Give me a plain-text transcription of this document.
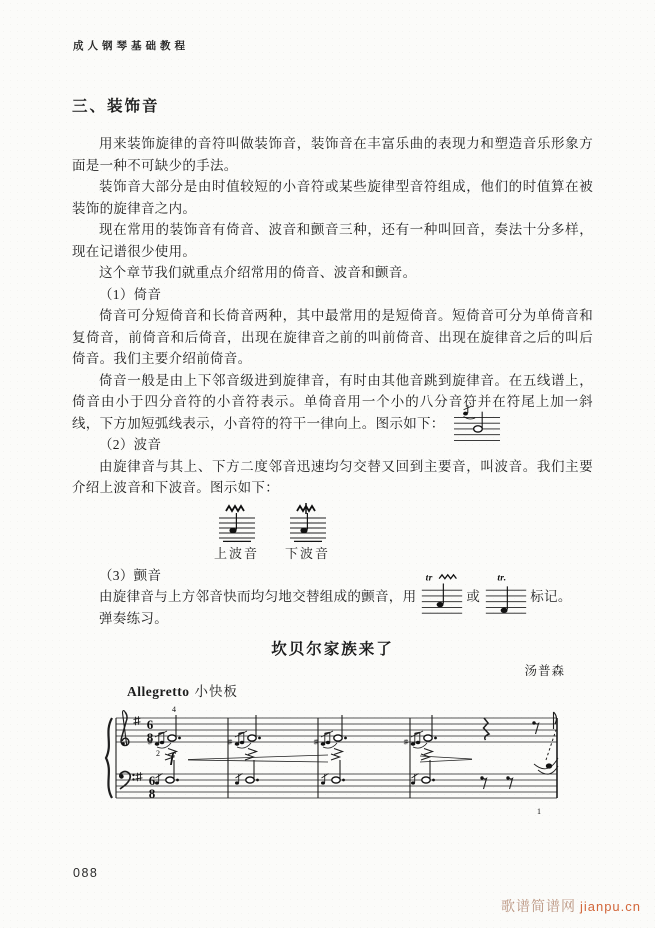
成人钢琴基础教程
三、装饰音

用来装饰旋律的音符叫做装饰音，装饰音在丰富乐曲的表现力和塑造音乐形象方面是一种不可缺少的手法。

装饰音大部分是由时值较短的小音符或某些旋律型音符组成，他们的时值算在被装饰的旋律音之内。

现在常用的装饰音有倚音、波音和颤音三种，还有一种叫回音，奏法十分多样，现在记谱很少使用。

这个章节我们就重点介绍常用的倚音、波音和颤音。

（1）倚音

倚音可分短倚音和长倚音两种，其中最常用的是短倚音。短倚音可分为单倚音和复倚音，前倚音和后倚音，出现在旋律音之前的叫前倚音、出现在旋律音之后的叫后倚音。我们主要介绍前倚音。

倚音一般是由上下邻音级进到旋律音，有时由其他音跳到旋律音。在五线谱上，倚音由小于四分音符的小音符表示。单倚音用一个小的八分音符并在符尾上加一斜线，下方加短弧线表示，小音符的符干一律向上。图示如下：

（2）波音

由旋律音与其上、下方二度邻音迅速均匀交替又回到主要音，叫波音。我们主要介绍上波音和下波音。图示如下：

上波音 下波音

（3）颤音

由旋律音与上方邻音快而均匀地交替组成的颤音，用
tr
或
tr.
标记。

弹奏练习。

坎贝尔家族来了
汤普森
Allegretto 小快板
6
8
6
8
4
2
1
f
088
歌谱简谱网 jianpu.cn
